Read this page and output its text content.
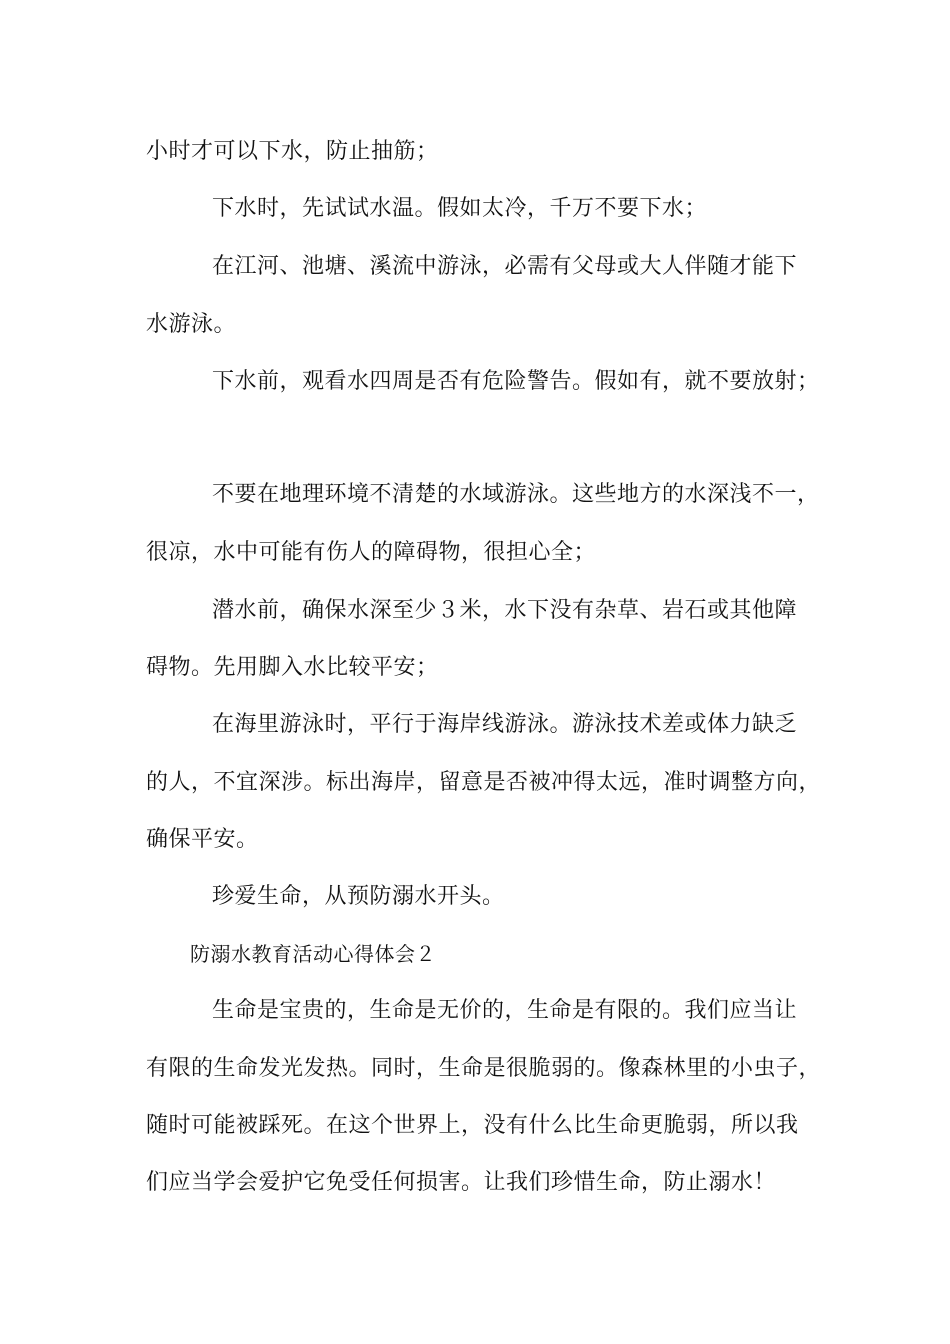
小时才可以下水，防止抽筋；
下水时，先试试水温。假如太冷，千万不要下水；
在江河、池塘、溪流中游泳，必需有父母或大人伴随才能下
水游泳。
下水前，观看水四周是否有危险警告。假如有，就不要放射；
不要在地理环境不清楚的水域游泳。这些地方的水深浅不一，
很凉，水中可能有伤人的障碍物，很担心全；
潜水前，确保水深至少３米，水下没有杂草、岩石或其他障
碍物。先用脚入水比较平安；
在海里游泳时，平行于海岸线游泳。游泳技术差或体力缺乏
的人，不宜深涉。标出海岸，留意是否被冲得太远，准时调整方向，
确保平安。
珍爱生命，从预防溺水开头。
防溺水教育活动心得体会２
生命是宝贵的，生命是无价的，生命是有限的。我们应当让
有限的生命发光发热。同时，生命是很脆弱的。像森林里的小虫子，
随时可能被踩死。在这个世界上，没有什么比生命更脆弱，所以我
们应当学会爱护它免受任何损害。让我们珍惜生命，防止溺水！
